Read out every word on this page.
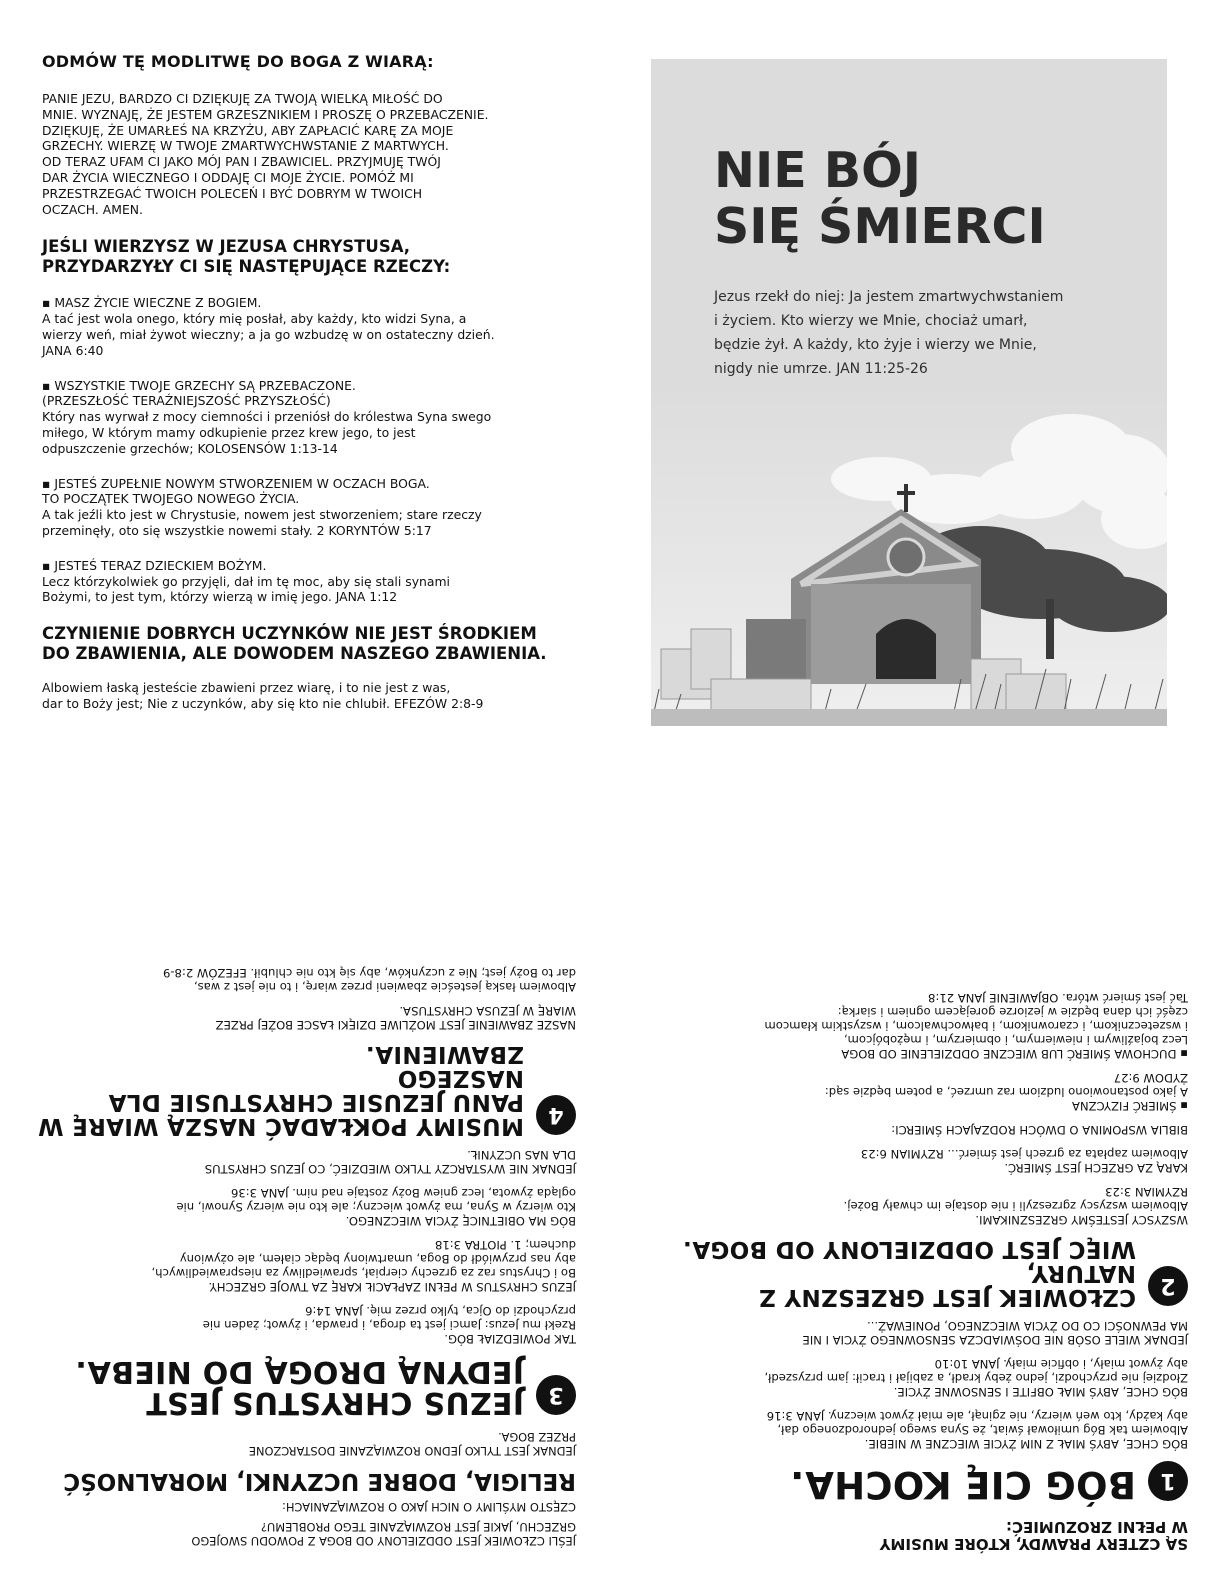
ODMÓW TĘ MODLITWĘ DO BOGA Z WIARĄ:

PANIE JEZU, BARDZO CI DZIĘKUJĘ ZA TWOJĄ WIELKĄ MIŁOŚĆ DO
MNIE. WYZNAJĘ, ŻE JESTEM GRZESZNIKIEM I PROSZĘ O PRZEBACZENIE.
DZIĘKUJĘ, ŻE UMARŁEŚ NA KRZYŻU, ABY ZAPŁACIĆ KARĘ ZA MOJE
GRZECHY. WIERZĘ W TWOJE ZMARTWYCHWSTANIE Z MARTWYCH.
OD TERAZ UFAM CI JAKO MÓJ PAN I ZBAWICIEL. PRZYJMUJĘ TWÓJ
DAR ŻYCIA WIECZNEGO I ODDAJĘ CI MOJE ŻYCIE. POMÓŻ MI
PRZESTRZEGAĆ TWOICH POLECEŃ I BYĆ DOBRYM W TWOICH
OCZACH. AMEN.

JEŚLI WIERZYSZ W JEZUSA CHRYSTUSA,
PRZYDARZYŁY CI SIĘ NASTĘPUJĄCE RZECZY:

▪ MASZ ŻYCIE WIECZNE Z BOGIEM.
A tać jest wola onego, który mię posłał, aby każdy, kto widzi Syna, a
wierzy weń, miał żywot wieczny; a ja go wzbudzę w on ostateczny dzień.
JANA 6:40

▪ WSZYSTKIE TWOJE GRZECHY SĄ PRZEBACZONE.
(PRZESZŁOŚĆ TERAŹNIEJSZOŚĆ PRZYSZŁOŚĆ)
Który nas wyrwał z mocy ciemności i przeniósł do królestwa Syna swego
miłego, W którym mamy odkupienie przez krew jego, to jest
odpuszczenie grzechów; KOLOSENSÓW 1:13-14

▪ JESTEŚ ZUPEŁNIE NOWYM STWORZENIEM W OCZACH BOGA.
TO POCZĄTEK TWOJEGO NOWEGO ŻYCIA.
A tak jeźli kto jest w Chrystusie, nowem jest stworzeniem; stare rzeczy
przeminęły, oto się wszystkie nowemi stały. 2 KORYNTÓW 5:17

▪ JESTEŚ TERAZ DZIECKIEM BOŻYM.
Lecz którzykolwiek go przyjęli, dał im tę moc, aby się stali synami
Bożymi, to jest tym, którzy wierzą w imię jego. JANA 1:12

CZYNIENIE DOBRYCH UCZYNKÓW NIE JEST ŚRODKIEM
DO ZBAWIENIA, ALE DOWODEM NASZEGO ZBAWIENIA.

Albowiem łaską jesteście zbawieni przez wiarę, i to nie jest z was,
dar to Boży jest; Nie z uczynków, aby się kto nie chlubił. EFEZÓW 2:8-9

NIE BÓJ
SIĘ ŚMIERCI

Jezus rzekł do niej: Ja jestem zmartwychwstaniem
i życiem. Kto wierzy we Mnie, chociaż umarł,
będzie żył. A każdy, kto żyje i wierzy we Mnie,
nigdy nie umrze. JAN 11:25-26

JEŚLI CZŁOWIEK JEST ODDZIELONY OD BOGA Z POWODU SWOJEGO
GRZECHU, JAKIE JEST ROZWIĄZANIE TEGO PROBLEMU?

CZĘSTO MYŚLIMY O NICH JAKO O ROZWIĄZANIACH:

RELIGIA, DOBRE UCZYNKI, MORALNOŚĆ

JEDNAK JEST TYLKO JEDNO ROZWIĄZANIE DOSTARCZONE
PRZEZ BOGA.

3

JEZUS CHRYSTUS JEST
JEDYNĄ DROGĄ DO NIEBA.

TAK POWIEDZIAŁ BÓG.
Rzekł mu Jezus: Jamci jest ta droga, i prawda, i żywot; żaden nie
przychodzi do Ojca, tylko przez mię. JANA 14:6

JEZUS CHRYSTUS W PEŁNI ZAPŁACIŁ KARĘ ZA TWOJE GRZECHY.
Bo i Chrystus raz za grzechy cierpiał, sprawiedliwy za niesprawiedliwych,
aby nas przywiódł do Boga, umartwiony będąc ciałem, ale ożywiony
duchem; 1. PIOTRA 3:18

BÓG MA OBIETNICĘ ŻYCIA WIECZNEGO.
Kto wierzy w Syna, ma żywot wieczny; ale kto nie wierzy Synowi, nie
ogląda żywota, lecz gniew Boży zostaje nad nim. JANA 3:36

JEDNAK NIE WYSTARCZY TYLKO WIEDZIEĆ, CO JEZUS CHRYSTUS
DLA NAS UCZYNIŁ.

4

MUSIMY POKŁADAĆ NASZĄ WIARĘ W
PANU JEZUSIE CHRYSTUSIE DLA NASZEGO
ZBAWIENIA.

NASZE ZBAWIENIE JEST MOŻLIWE DZIĘKI ŁASCE BOŻEJ PRZEZ
WIARĘ W JEZUSA CHRYSTUSA.

Albowiem łaską jesteście zbawieni przez wiarę, i to nie jest z was,
dar to Boży jest; Nie z uczynków, aby się kto nie chlubił. EFEZÓW 2:8-9

SĄ CZTERY PRAWDY, KTÓRE MUSIMY
W PEŁNI ZROZUMIEĆ:

1

BÓG CIĘ KOCHA.

BÓG CHCE, ABYŚ MIAŁ Z NIM ŻYCIE WIECZNE W NIEBIE.
Albowiem tak Bóg umiłował świat, że Syna swego jednorodzonego dał,
aby każdy, kto weń wierzy, nie zginął, ale miał żywot wieczny. JANA 3:16

BÓG CHCE, ABYŚ MIAŁ OBFITE I SENSOWNE ŻYCIE.
Złodziej nie przychodzi, jedno żeby kradł, a zabijał i tracił: jam przyszedł,
aby żywot miały, i obficie miały. JANA 10:10

JEDNAK WIELE OSÓB NIE DOŚWIADCZA SENSOWNEGO ŻYCIA I NIE
MA PEWNOŚCI CO DO ŻYCIA WIECZNEGO, PONIEWAŻ...

2

CZŁOWIEK JEST GRZESZNY Z NATURY,
WIĘC JEST ODDZIELONY OD BOGA.

WSZYSCY JESTEŚMY GRZESZNIKAMI.
Albowiem wszyscy zgrzeszyli i nie dostaje im chwały Bożej.
RZYMIAN 3:23

KARĄ ZA GRZECH JEST ŚMIERĆ.
Albowiem zapłata za grzech jest śmierć... RZYMIAN 6:23

BIBLIA WSPOMINA O DWÓCH RODZAJACH ŚMIERCI:

▪ ŚMIERĆ FIZYCZNA
A jako postanowiono ludziom raz umrzeć, a potem będzie sąd:
ŻYDOW 9:27

▪ DUCHOWA ŚMIERĆ LUB WIECZNE ODDZIELENIE OD BOGA
Lecz bojaźliwym i niewiernym, i obmierzym, i mężobójcom,
i wszetecznikom, i czarownikom, i bałwochwalcom, i wszystkim kłamcom
część ich dana będzie w jeziorze gorejącem ogniem i siarką:
Tać jest śmierć wtóra. OBJAWIENIE JANA 21:8
